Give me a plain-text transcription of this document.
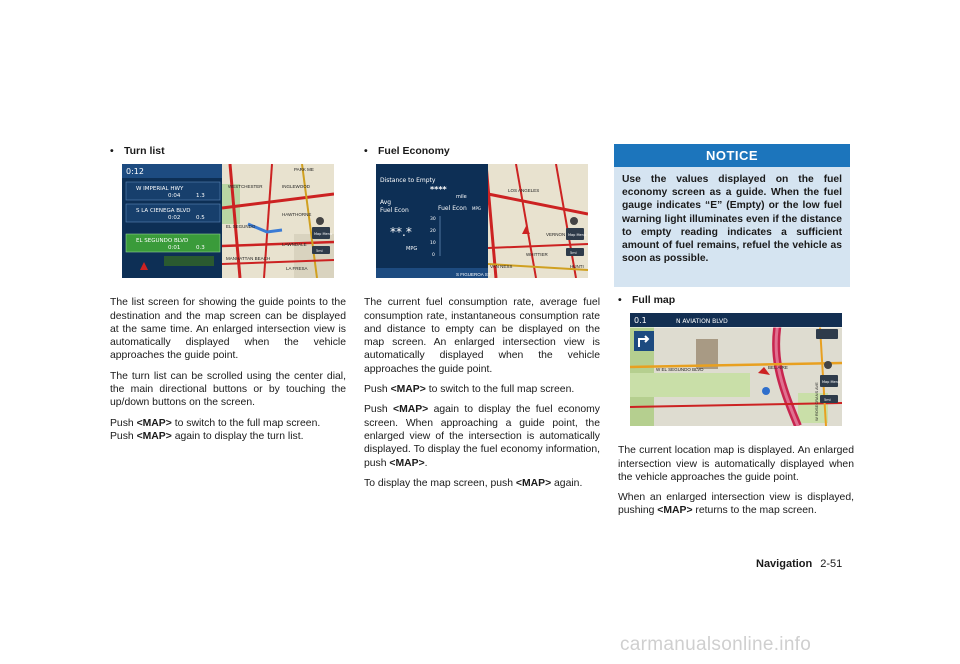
• Turn list
0:12
W IMPERIAL HWY
0:04	1.3
S LA CIENEGA BLVD
0:02	0.5
EL SEGUNDO BLVD
0:01	0.3
PARK ME
WESTCHESTER	INGLEWOOD
EL SEGUNDO
HAWTHORNE
LAWNDALE
MANHATTAN BEACH
LA FRESA
Map Menu
5mi

The list screen for showing the guide points to the destination and the map screen can be displayed at the same time. An enlarged intersection view is automatically displayed when the vehicle approaches the guide point.

The turn list can be scrolled using the center dial, the main directional buttons or by touching the up/down buttons on the screen.

Push <MAP> to switch to the full map screen.
Push <MAP> again to display the turn list.

• Fuel Economy
Distance to Empty
****
mile
Avg
Fuel Econ
**.*
MPG
Fuel Econ
30
20
10
0
MPG
LOS ANGELES
VERNON
WHITTIER
HUNTI
VAN NESS
S FIGUEROA ST
Map Menu
5mi

The current fuel consumption rate, average fuel consumption rate, instantaneous consumption rate and distance to empty can be displayed on the map screen. An enlarged intersection view is automatically displayed when the vehicle approaches the guide point.

Push <MAP> to switch to the full map screen.

Push <MAP> again to display the fuel economy screen. When approaching a guide point, the enlarged view of the intersection is automatically displayed. To display the fuel economy information, push <MAP>.

To display the map screen, push <MAP> again.

NOTICE
Use the values displayed on the fuel economy screen as a guide. When the fuel gauge indicates “E” (Empty) or the low fuel warning light illuminates even if the distance to empty reading indicates a sufficient amount of fuel remains, refuel the vehicle as soon as possible.
• Full map
0.1	N AVIATION BLVD
BEL AIRE
W EL SEGUNDO BLVD
W ROSECRANS AVE
Map Menu
5mi

The current location map is displayed. An enlarged intersection view is automatically displayed when the vehicle approaches the guide point.

When an enlarged intersection view is displayed, pushing <MAP> returns to the map screen.

Navigation 2-51
carmanualsonline.info
